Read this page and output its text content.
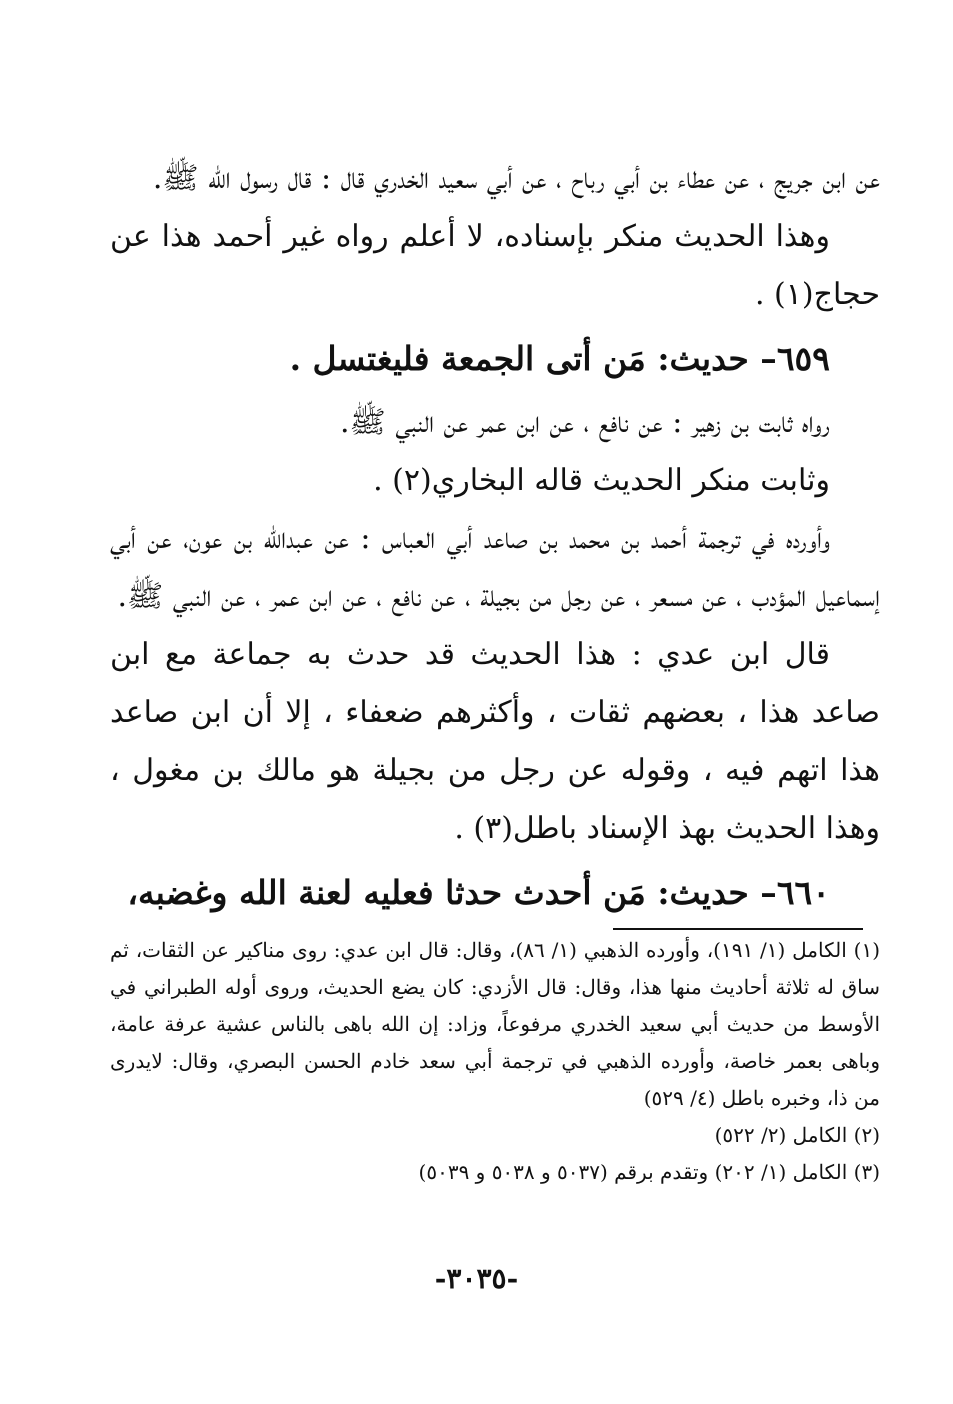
عن ابن جريج ، عن عطاء بن أبي رباح ، عن أبي سعيد الخدري قال : قال رسول الله ﷺ.

وهذا الحديث منكر بإسناده، لا أعلم رواه غير أحمد هذا عن حجاج(١) .

٦٥٩– حديث: مَن أتى الجمعة فليغتسل .

رواه ثابت بن زهير : عن نافع ، عن ابن عمر عن النبي ﷺ.

وثابت منكر الحديث قاله البخاري(٢) .

وأورده في ترجمة أحمد بن محمد بن صاعد أبي العباس : عن عبدالله بن عون، عن أبي إسماعيل المؤدب ، عن مسعر ، عن رجل من بجيلة ، عن نافع ، عن ابن عمر ، عن النبي ﷺ.

قال ابن عدي : هذا الحديث قد حدث به جماعة مع ابن صاعد هذا ، بعضهم ثقات ، وأكثرهم ضعفاء ، إلا أن ابن صاعد هذا اتهم فيه ، وقوله عن رجل من بجيلة هو مالك بن مغول ، وهذا الحديث بهذ الإسناد باطل(٣) .

٦٦٠– حديث: مَن أحدث حدثا فعليه لعنة الله وغضبه،

(١) الكامل (١/ ١٩١)، وأورده الذهبي (١/ ٨٦)، وقال: قال ابن عدي: روى مناكير عن الثقات، ثم ساق له ثلاثة أحاديث منها هذا، وقال: قال الأزدي: كان يضع الحديث، وروى أوله الطبراني في الأوسط من حديث أبي سعيد الخدري مرفوعاً، وزاد: إن الله باهى بالناس عشية عرفة عامة، وباهى بعمر خاصة، وأورده الذهبي في ترجمة أبي سعد خادم الحسن البصري، وقال: لايدرى من ذا، وخبره باطل (٤/ ٥٢٩)

(٢) الكامل (٢/ ٥٢٢)

(٣) الكامل (١/ ٢٠٢) وتقدم برقم (٥٠٣٧ و ٥٠٣٨ و ٥٠٣٩)

-٣٠٣٥-
